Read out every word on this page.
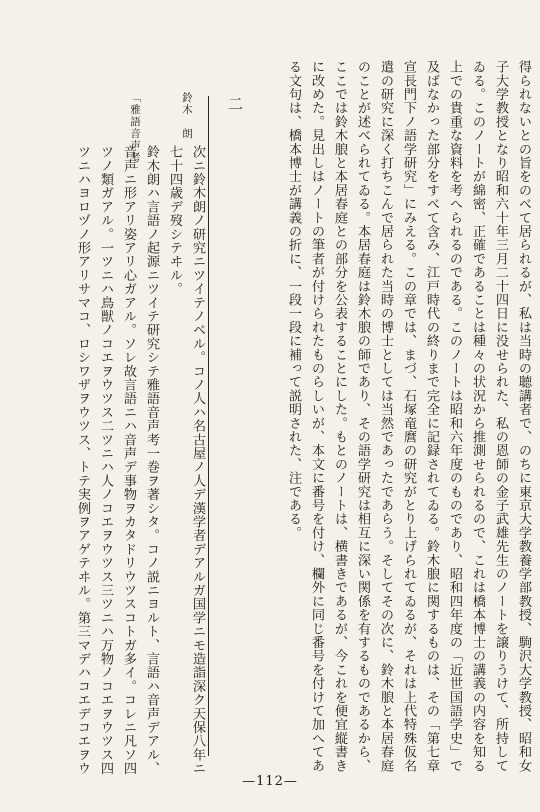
得られないとの旨をのべて居られるが、私は当時の聴講者で、のちに東京大学教養学部教授、駒沢大学教授、昭和女
子大学教授となり昭和六十年三月二十四日に没せられた、私の恩師の金子武雄先生のノートを譲りうけて、所持して
ゐる。このノートが綿密、正確であることは種々の状況から推測せられるので、これは橋本博士の講義の内容を知る
上での貴重な資料を考へられるのである。このノートは昭和六年度のものであり、昭和四年度の「近世国語学史」で
及ばなかった部分をすべて含み、江戸時代の終りまで完全に記録されてゐる。鈴木朖に関するものは、その「第七章
宣長門下ノ語学研究」にみえる。この章では、まづ、石塚竜麿の研究がとり上げられてゐるが、それは上代特殊仮名
遣の研究に深く打ちこんで居られた当時の博士としては当然であったであらう。そしてその次に、鈴木朖と本居春庭
のことが述べられてゐる。本居春庭は鈴木朖の師であり、その語学研究は相互に深い関係を有するものであるから、
ここでは鈴木朖と本居春庭との部分を公表することにした。もとのノートは、横書きであるが、今これを便宜縦書き
に改めた。見出しはノートの筆者が付けられたものらしいが、本文に番号を付け、欄外に同じ番号を付けて加へてあ
る文句は、橋本博士が講義の折に、一段一段に補って説明された、注である。
二
鈴木　朗
「雅語音声考」
次ニ鈴木朗ノ研究ニツイテノベル。コノ人ハ名古屋ノ人デ漢学者デアルガ国学ニモ造詣深ク天保八年ニ
七十四歳デ歿シテヰル。
鈴木朗ハ言語ノ起源ニツイテ研究シテ雅語音声考一巻ヲ著シタ。コノ説ニヨルト、言語ハ音声デアル、
音声ニ形アリ姿アリ心ガアル。ソレ故言語ニハ音声デ事物ヲカタドリウツスコトガ多イ。コレニ凡ソ四
ツノ類ガアル。一ツニハ鳥獣ノコエヲウツス二ツニハ人ノコエヲウツス三ツニハ万物ノコエヲウツス四
ツニハヨロヅノ形アリサマコ、ロシワザヲウツス、トテ実例ヲアゲテヰル。第三マデハコエデコエヲウ
—112—
